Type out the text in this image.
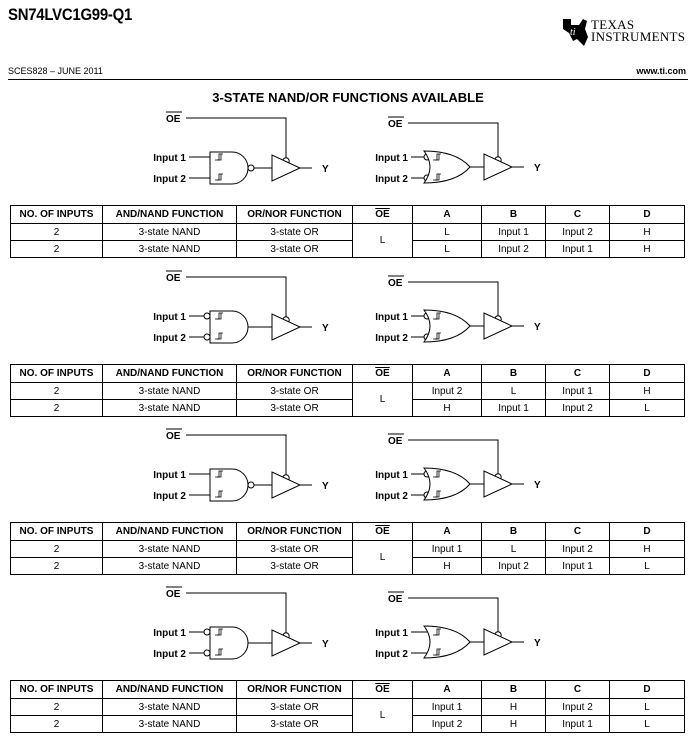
SN74LVC1G99-Q1
ti
TEXAS
INSTRUMENTS
SCES828 – JUNE 2011	www.ti.com
3-STATE NAND/OR FUNCTIONS AVAILABLE
OE
Input 1
Input 2
Y
OE
Input 1
Input 2
Y
OE
Input 1
Input 2
Y
OE
Input 1
Input 2
Y
OE
Input 1
Input 2
Y
OE
Input 1
Input 2
Y
OE
Input 1
Input 2
Y
OE
Input 1
Input 2
Y
NO. OF INPUTS	AND/NAND FUNCTION	OR/NOR FUNCTION	$\overline{OE}$	A	B	C	D
2	3-state NAND	3-state OR	L	L	Input 1	Input 2	H
2	3-state NAND	3-state OR		L	Input 2	Input 1	H
NO. OF INPUTS	AND/NAND FUNCTION	OR/NOR FUNCTION	$\overline{OE}$	A	B	C	D
2	3-state NAND	3-state OR	L	Input 2	L	Input 1	H
2	3-state NAND	3-state OR		H	Input 1	Input 2	L
NO. OF INPUTS	AND/NAND FUNCTION	OR/NOR FUNCTION	$\overline{OE}$	A	B	C	D
2	3-state NAND	3-state OR	L	Input 1	L	Input 2	H
2	3-state NAND	3-state OR		H	Input 2	Input 1	L
NO. OF INPUTS	AND/NAND FUNCTION	OR/NOR FUNCTION	$\overline{OE}$	A	B	C	D
2	3-state NAND	3-state OR	L	Input 1	H	Input 2	L
2	3-state NAND	3-state OR		Input 2	H	Input 1	L
